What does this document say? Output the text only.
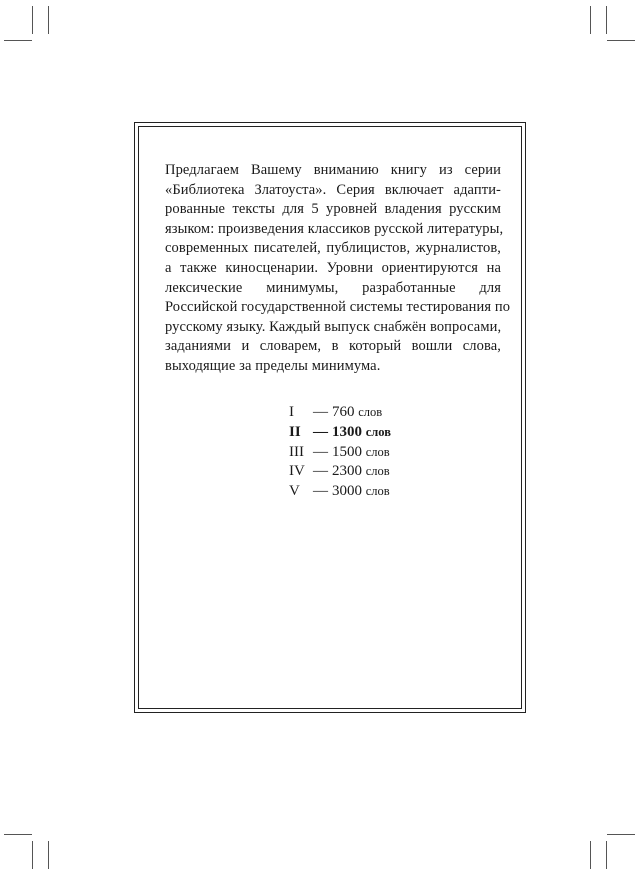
Предлагаем Вашему вниманию книгу из серии
«Библиотека Златоуста». Серия включает адапти-
рованные тексты для 5 уровней владения русским
языком: произведения классиков русской литературы,
современных писателей, публицистов, журналистов,
а также киносценарии. Уровни ориентируются на
лексические минимумы, разработанные для
Российской государственной системы тестирования по
русскому языку. Каждый выпуск снабжён вопросами,
заданиями и словарем, в который вошли слова,
выходящие за пределы минимума.
I	— 760
слов
II — 1300
слов
III — 1500
слов
IV — 2300
слов
V — 3000
слов
